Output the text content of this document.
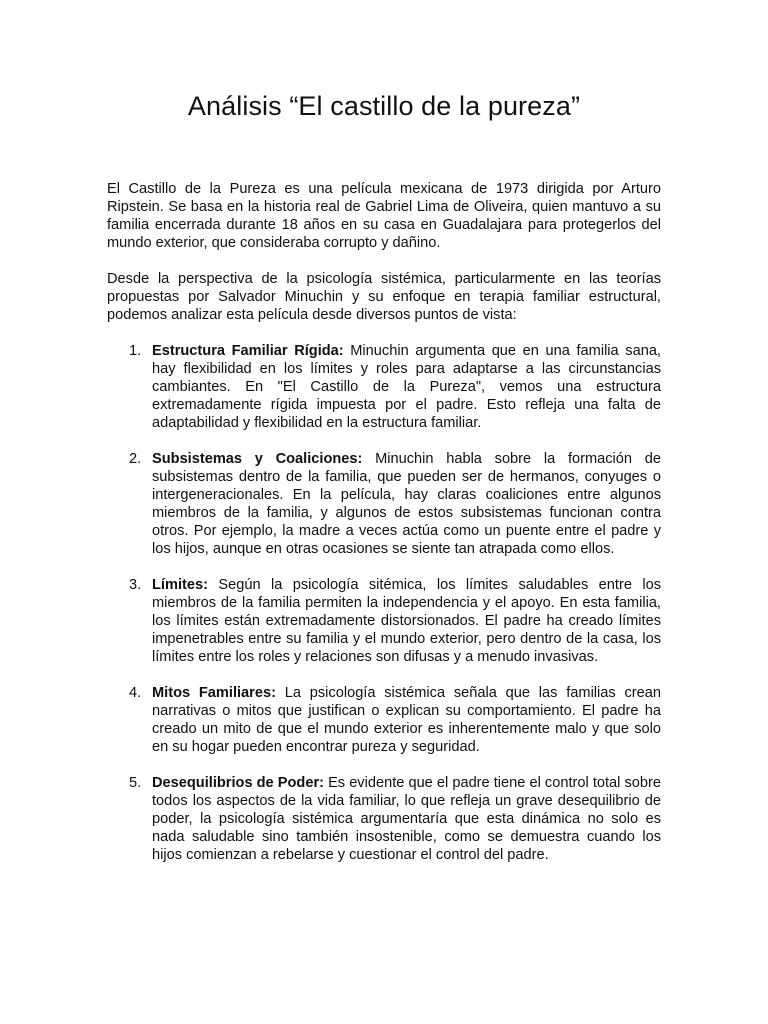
Análisis “El castillo de la pureza”

El Castillo de la Pureza es una película mexicana de 1973 dirigida por Arturo Ripstein. Se basa en la historia real de Gabriel Lima de Oliveira, quien mantuvo a su familia encerrada durante 18 años en su casa en Guadalajara para protegerlos del mundo exterior, que consideraba corrupto y dañino.

Desde la perspectiva de la psicología sistémica, particularmente en las teorías propuestas por Salvador Minuchin y su enfoque en terapia familiar estructural, podemos analizar esta película desde diversos puntos de vista:

1. Estructura Familiar Rígida: Minuchin argumenta que en una familia sana, hay flexibilidad en los límites y roles para adaptarse a las circunstancias cambiantes. En "El Castillo de la Pureza", vemos una estructura extremadamente rígida impuesta por el padre. Esto refleja una falta de adaptabilidad y flexibilidad en la estructura familiar.
2. Subsistemas y Coaliciones: Minuchin habla sobre la formación de subsistemas dentro de la familia, que pueden ser de hermanos, conyuges o intergeneracionales. En la película, hay claras coaliciones entre algunos miembros de la familia, y algunos de estos subsistemas funcionan contra otros. Por ejemplo, la madre a veces actúa como un puente entre el padre y los hijos, aunque en otras ocasiones se siente tan atrapada como ellos.
3. Límites: Según la psicología sitémica, los límites saludables entre los miembros de la familia permiten la independencia y el apoyo. En esta familia, los límites están extremadamente distorsionados. El padre ha creado límites impenetrables entre su familia y el mundo exterior, pero dentro de la casa, los límites entre los roles y relaciones son difusas y a menudo invasivas.
4. Mitos Familiares: La psicología sistémica señala que las familias crean narrativas o mitos que justifican o explican su comportamiento. El padre ha creado un mito de que el mundo exterior es inherentemente malo y que solo en su hogar pueden encontrar pureza y seguridad.
5. Desequilibrios de Poder: Es evidente que el padre tiene el control total sobre todos los aspectos de la vida familiar, lo que refleja un grave desequilibrio de poder, la psicología sistémica argumentaría que esta dinámica no solo es nada saludable sino también insostenible, como se demuestra cuando los hijos comienzan a rebelarse y cuestionar el control del padre.
